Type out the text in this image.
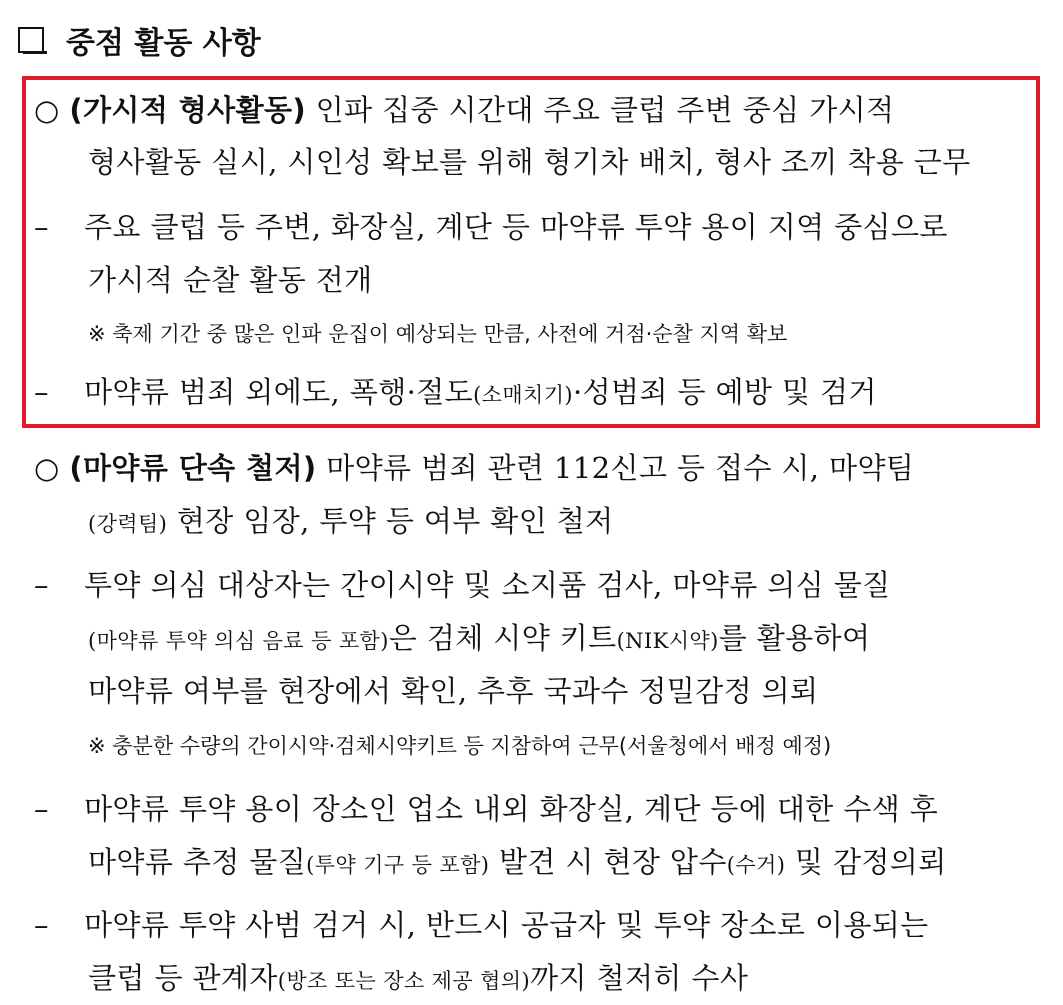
중점 활동 사항
○ (가시적 형사활동) 인파 집중 시간대 주요 클럽 주변 중심 가시적
형사활동 실시, 시인성 확보를 위해 형기차 배치, 형사 조끼 착용 근무
– 주요 클럽 등 주변, 화장실, 계단 등 마약류 투약 용이 지역 중심으로
가시적 순찰 활동 전개
※ 축제 기간 중 많은 인파 운집이 예상되는 만큼, 사전에 거점·순찰 지역 확보
– 마약류 범죄 외에도, 폭행·절도(소매치기)·성범죄 등 예방 및 검거
○ (마약류 단속 철저) 마약류 범죄 관련 112신고 등 접수 시, 마약팀
(강력팀) 현장 임장, 투약 등 여부 확인 철저
– 투약 의심 대상자는 간이시약 및 소지품 검사, 마약류 의심 물질
(마약류 투약 의심 음료 등 포함)은 검체 시약 키트(NIK시약)를 활용하여
마약류 여부를 현장에서 확인, 추후 국과수 정밀감정 의뢰
※ 충분한 수량의 간이시약·검체시약키트 등 지참하여 근무(서울청에서 배정 예정)
– 마약류 투약 용이 장소인 업소 내외 화장실, 계단 등에 대한 수색 후
마약류 추정 물질(투약 기구 등 포함) 발견 시 현장 압수(수거) 및 감정의뢰
– 마약류 투약 사범 검거 시, 반드시 공급자 및 투약 장소로 이용되는
클럽 등 관계자(방조 또는 장소 제공 협의)까지 철저히 수사
